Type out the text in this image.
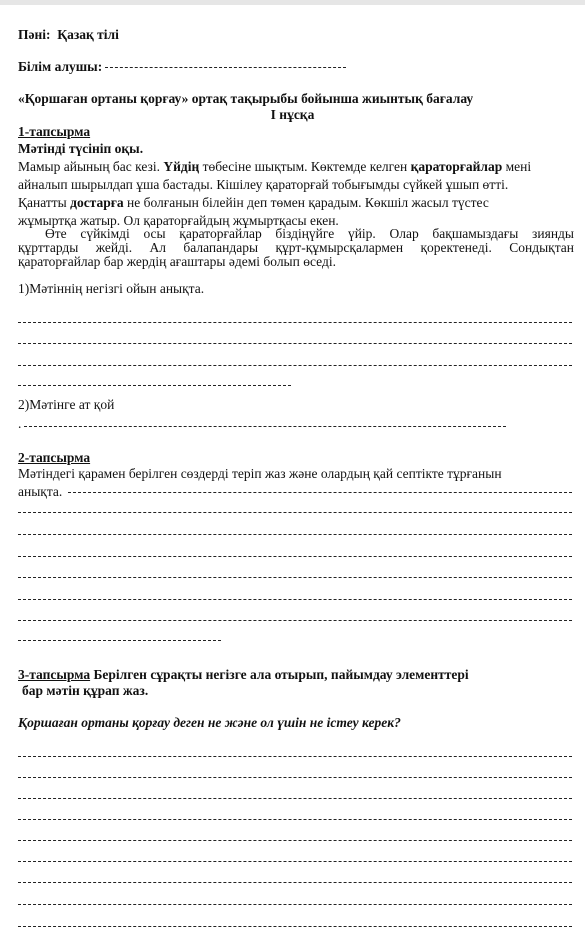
Пәні: Қазақ тілі
Білім алушы:
«Қоршаған ортаны қорғау» ортақ тақырыбы бойынша жиынтық бағалау
І нұсқа
1-тапсырма
Мәтінді түсініп оқы.
Мамыр айының бас кезі. Үйдің төбесіне шықтым. Көктемде келген қараторғайлар мені
айналып шырылдап ұша бастады. Кішілеу қараторғай тобығымды сүйкей ұшып өтті.
Қанатты достарға не болғанын білейін деп төмен қарадым. Көкшіл жасыл түстес
жұмыртқа жатыр. Ол қараторғайдың жұмыртқасы екен.
Өте сүйкімді осы қараторғайлар біздіңүйге үйір. Олар бақшамыздағы зиянды
құрттарды жейді. Ал балапандары құрт-құмырсқалармен қоректенеді. Сондықтан
қараторғайлар бар жердің ағаштары әдемі болып өседі.
1)Мәтіннің негізгі ойын анықта.
2)Мәтінге ат қой
.
2-тапсырма
Мәтіндегі қарамен берілген сөздерді теріп жаз және олардың қай септікте тұрғанын
анықта.
3-тапсырма Берілген сұрақты негізге ала отырып, пайымдау элементтері
бар мәтін құрап жаз.
Қоршаған ортаны қорғау деген не және ол үшін не істеу керек?
